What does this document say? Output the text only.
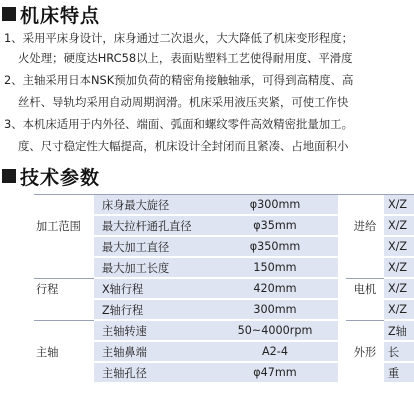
机床特点
1、采用平床身设计，床身通过二次退火，大大降低了机床变形程度；
火处理；硬度达HRC58以上，表面贴塑料工艺使得耐用度、平滑度
2、主轴采用日本NSK预加负荷的精密角接触轴承，可得到高精度、高
丝杆、导轨均采用自动周期润滑。机床采用液压夹紧，可使工作快
3、本机床适用于内外径、端面、弧面和螺纹零件高效精密批量加工。
度、尺寸稳定性大幅提高，机床设计全封闭而且紧凑、占地面积小
技术参数
	床身最大旋径	φ300mm			X/Z
加工范围	最大拉杆通孔直径	φ35mm		进给	X/Z
	最大加工直径	φ350mm			X/Z
	最大加工长度	150mm			X/Z
行程	X轴行程	420mm		电机	X/Z
	Z轴行程	300mm			X/Z
	主轴转速	50~4000rpm			Z轴
主轴	主轴鼻端	A2-4		外形	长
	主轴孔径	φ47mm			重
